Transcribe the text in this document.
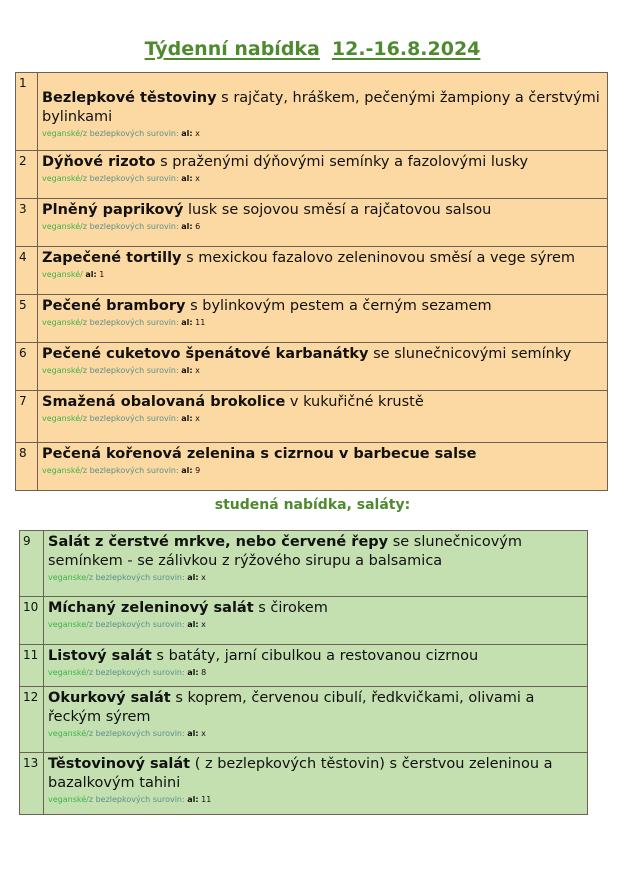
Týdenní nabídka 12.-16.8.2024
1	Bezlepkové těstoviny s rajčaty, hráškem, pečenými žampiony a čerstvými bylinkami
veganské/z bezlepkových surovin: al: x

2	Dýňové rizoto s praženými dýňovými semínky a fazolovými lusky
veganské/z bezlepkových surovin: al: x

3	Plněný paprikový lusk se sojovou směsí a rajčatovou salsou
veganské/z bezlepkových surovin: al: 6

4	Zapečené tortilly s mexickou fazalovo zeleninovou směsí a vege sýrem
veganské/ al: 1

5	Pečené brambory s bylinkovým pestem a černým sezamem
veganské/z bezlepkových surovin: al: 11

6	Pečené cuketovo špenátové karbanátky se slunečnicovými semínky
veganské/z bezlepkových surovin: al: x

7	Smažená obalovaná brokolice v kukuřičné krustě
veganské/z bezlepkových surovin: al: x

8	Pečená kořenová zelenina s cizrnou v barbecue salse
veganské/z bezlepkových surovin: al: 9
studená nabídka, saláty:
9	Salát z čerstvé mrkve, nebo červené řepy se slunečnicovým semínkem - se zálivkou z rýžového sirupu a balsamica
veganske/z bezlepkových surovin: al: x

10	Míchaný zeleninový salát s čirokem
veganske/z bezlepkových surovin: al: x

11	Listový salát s batáty, jarní cibulkou a restovanou cizrnou
veganské/z bezlepkových surovin: al: 8

12	Okurkový salát s koprem, červenou cibulí, ředkvičkami, olivami a řeckým sýrem
veganské/z bezlepkových surovin: al: x

13	Těstovinový salát ( z bezlepkových těstovin) s čerstvou zeleninou a bazalkovým tahini
veganské/z bezlepkových surovin: al: 11
